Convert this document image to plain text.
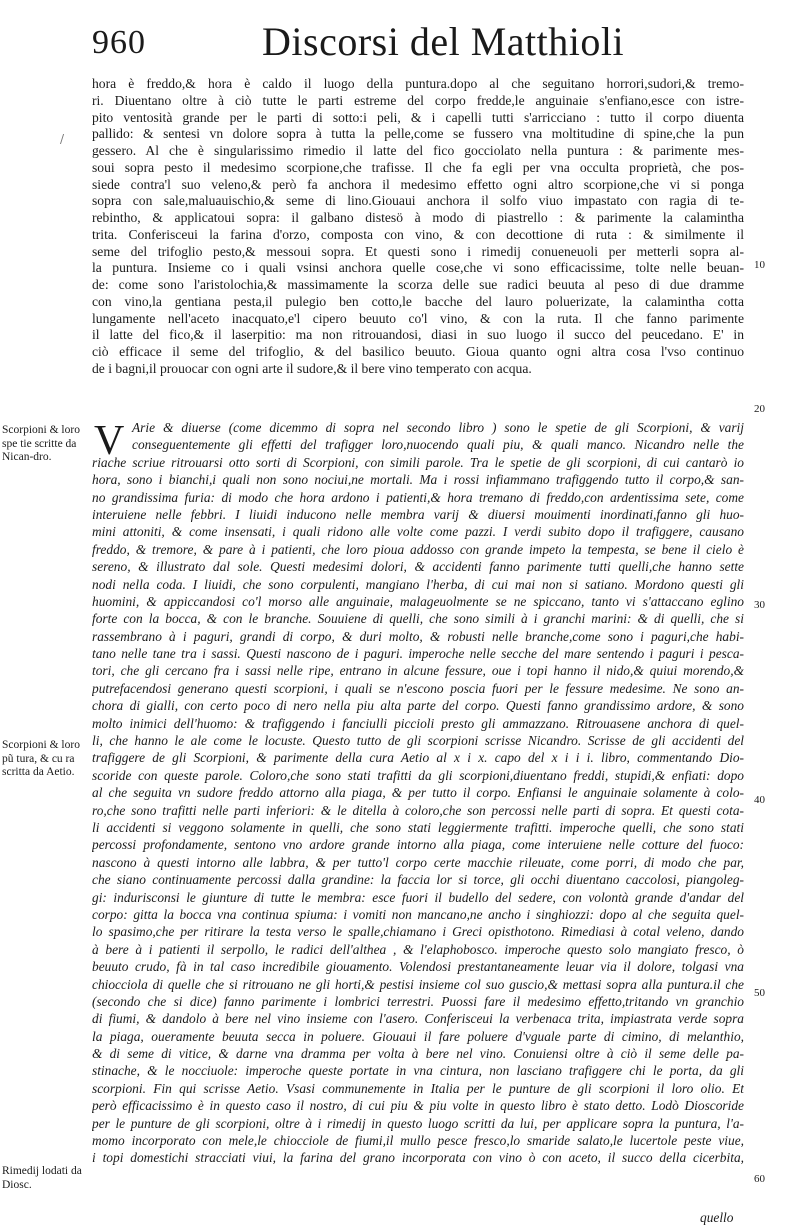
960	Discorsi del Matthioli
/
hora è freddo,& hora è caldo il luogo della puntura.dopo al che seguitano horrori,sudori,& tremo-
ri. Diuentano oltre à ciò tutte le parti estreme del corpo fredde,le anguinaie s'enfiano,esce con istre-
pito ventosità grande per le parti di sotto:i peli, & i capelli tutti s'arricciano : tutto il corpo diuenta
pallido: & sentesi vn dolore sopra à tutta la pelle,come se fussero vna moltitudine di spine,che la pun
gessero. Al che è singularissimo rimedio il latte del fico gocciolato nella puntura : & parimente mes-
soui sopra pesto il medesimo scorpione,che trafisse. Il che fa egli per vna occulta proprietà, che pos-
siede contra'l suo veleno,& però fa anchora il medesimo effetto ogni altro scorpione,che vi si ponga
sopra con sale,maluauischio,& seme di lino.Giouaui anchora il solfo viuo impastato con ragia di te-
rebintho, & applicatoui sopra: il galbano distesö à modo di piastrello : & parimente la calamintha
trita. Conferisceui la farina d'orzo, composta con vino, & con decottione di ruta : & similmente il
seme del trifoglio pesto,& messoui sopra. Et questi sono i rimedij conueneuoli per metterli sopra al-
la puntura. Insieme co i quali vsinsi anchora quelle cose,che vi sono efficacissime, tolte nelle beuan-
de: come sono l'aristolochia,& massimamente la scorza delle sue radici beuuta al peso di due dramme
con vino,la gentiana pesta,il pulegio ben cotto,le bacche del lauro poluerizate, la calamintha cotta
lungamente nell'aceto inacquato,e'l cipero beuuto co'l vino, & con la ruta. Il che fanno parimente
il latte del fico,& il laserpitio: ma non ritrouandosi, diasi in suo luogo il succo del peucedano. E' in
ciò efficace il seme del trifoglio, & del basilico beuuto. Gioua quanto ogni altra cosa l'vso continuo
de i bagni,il prouocar con ogni arte il sudore,& il bere vino temperato con acqua.
V Arie & diuerse (come dicemmo di sopra nel secondo libro ) sono le spetie de gli Scorpioni, & varij
conseguentemente gli effetti del trafigger loro,nuocendo quali piu, & quali manco. Nicandro nelle the
riache scriue ritrouarsi otto sorti di Scorpioni, con simili parole. Tra le spetie de gli scorpioni, di cui cantarò io
hora, sono i bianchi,i quali non sono nociui,ne mortali. Ma i rossi infiammano trafiggendo tutto il corpo,& san-
no grandissima furia: di modo che hora ardono i patienti,& hora tremano di freddo,con ardentissima sete, come
interuiene nelle febbri. I liuidi inducono nelle membra varij & diuersi mouimenti inordinati,fanno gli huo-
mini attoniti, & come insensati, i quali ridono alle volte come pazzi. I verdi subito dopo il trafiggere, causano
freddo, & tremore, & pare à i patienti, che loro pioua addosso con grande impeto la tempesta, se bene il cielo è
sereno, & illustrato dal sole. Questi medesimi dolori, & accidenti fanno parimente tutti quelli,che hanno sette
nodi nella coda. I liuidi, che sono corpulenti, mangiano l'herba, di cui mai non si satiano. Mordono questi gli
huomini, & appiccandosi co'l morso alle anguinaie, malageuolmente se ne spiccano, tanto vi s'attaccano eglino
forte con la bocca, & con le branche. Souuiene di quelli, che sono simili à i granchi marini: & di quelli, che si
rassembrano à i paguri, grandi di corpo, & duri molto, & robusti nelle branche,come sono i paguri,che habi-
tano nelle tane tra i sassi. Questi nascono de i paguri. imperoche nelle secche del mare sentendo i paguri i pesca-
tori, che gli cercano fra i sassi nelle ripe, entrano in alcune fessure, oue i topi hanno il nido,& quiui morendo,&
putrefacendosi generano questi scorpioni, i quali se n'escono poscia fuori per le fessure medesime. Ne sono an-
chora di gialli, con certo poco di nero nella piu alta parte del corpo. Questi fanno grandissimo ardore, & sono
molto inimici dell'huomo: & trafiggendo i fanciulli piccioli presto gli ammazzano. Ritrouasene anchora di quel-
li, che hanno le ale come le locuste. Questo tutto de gli scorpioni scrisse Nicandro. Scrisse de gli accidenti del
trafiggere de gli Scorpioni, & parimente della cura Aetio al x i x. capo del x i i i. libro, commentando Dio-
scoride con queste parole. Coloro,che sono stati trafitti da gli scorpioni,diuentano freddi, stupidi,& enfiati: dopo
al che seguita vn sudore freddo attorno alla piaga, & per tutto il corpo. Enfiansi le anguinaie solamente à colo-
ro,che sono trafitti nelle parti inferiori: & le ditella à coloro,che son percossi nelle parti di sopra. Et questi cota-
li accidenti si veggono solamente in quelli, che sono stati leggiermente trafitti. imperoche quelli, che sono stati
percossi profondamente, sentono vno ardore grande intorno alla piaga, come interuiene nelle cotture del fuoco:
nascono à questi intorno alle labbra, & per tutto'l corpo certe macchie rileuate, come porri, di modo che par,
che siano continuamente percossi dalla grandine: la faccia lor si torce, gli occhi diuentano caccolosi, piangoleg-
gi: indurisconsi le giunture di tutte le membra: esce fuori il budello del sedere, con volontà grande d'andar del
corpo: gitta la bocca vna continua spiuma: i vomiti non mancano,ne ancho i singhiozzi: dopo al che seguita quel-
lo spasimo,che per ritirare la testa verso le spalle,chiamano i Greci opisthotono. Rimediasi à cotal veleno, dando
à bere à i patienti il serpollo, le radici dell'althea , & l'elaphobosco. imperoche questo solo mangiato fresco, ò
beuuto crudo, fà in tal caso incredibile giouamento. Volendosi prestantaneamente leuar via il dolore, tolgasi vna
chiocciola di quelle che si ritrouano ne gli horti,& pestisi insieme col suo guscio,& mettasi sopra alla puntura.il che
(secondo che si dice) fanno parimente i lombrici terrestri. Puossi fare il medesimo effetto,tritando vn granchio
di fiumi, & dandolo à bere nel vino insieme con l'asero. Conferisceui la verbenaca trita, impiastrata verde sopra
la piaga, oueramente beuuta secca in poluere. Giouaui il fare poluere d'vguale parte di cimino, di melanthio,
& di seme di vitice, & darne vna dramma per volta à bere nel vino. Conuiensi oltre à ciò il seme delle pa-
stinache, & le nocciuole: imperoche queste portate in vna cintura, non lasciano trafiggere chi le porta, da gli
scorpioni. Fin qui scrisse Aetio. Vsasi communemente in Italia per le punture de gli scorpioni il loro olio. Et
però efficacissimo è in questo caso il nostro, di cui piu & piu volte in questo libro è stato detto. Lodò Dioscoride
per le punture de gli scorpioni, oltre à i rimedij in questo luogo scritti da lui, per applicare sopra la puntura, l'a-
momo incorporato con mele,le chiocciole de fiumi,il mullo pesce fresco,lo smaride salato,le lucertole peste viue,
i topi domestichi stracciati viui, la farina del grano incorporata con vino ò con aceto, il succo della cicerbita,
Scorpioni & loro spe tie scritte da Nican-dro.
Scorpioni & loro pũ tura, & cu ra scritta da Aetio.
Rimedij lodati da Diosc.
10
20
30
40
50
60
quello
